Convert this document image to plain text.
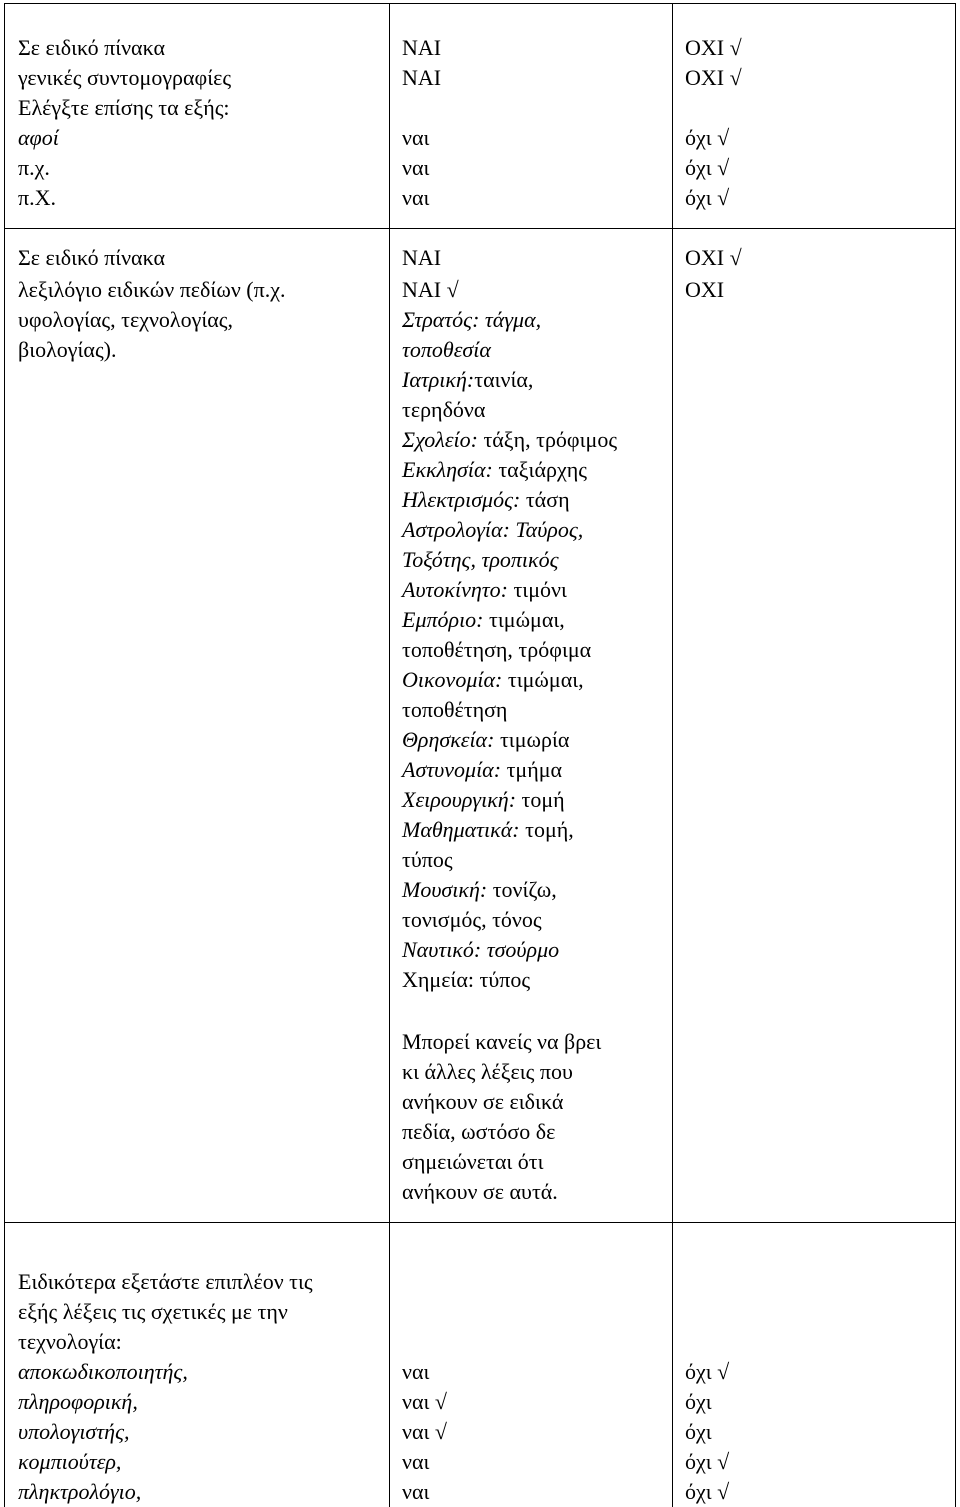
Σε ειδικό πίνακα
γενικές συντομογραφίες
Ελέγξτε επίσης τα εξής:
αφοί
π.χ.
π.Χ.
ΝΑΙ
ΝΑΙ
ναι
ναι
ναι
ΟΧΙ √
ΟΧΙ √
όχι √
όχι √
όχι √
Σε ειδικό πίνακα
λεξιλόγιο ειδικών πεδίων (π.χ.
υφολογίας, τεχνολογίας,
βιολογίας).
ΝΑΙ
ΝΑΙ √
ΟΧΙ √
ΟΧΙ
Στρατός: τάγμα,
τοποθεσία
Ιατρική:ταινία,
τερηδόνα
Σχολείο: τάξη, τρόφιμος
Εκκλησία: ταξιάρχης
Ηλεκτρισμός: τάση
Αστρολογία: Ταύρος,
Τοξότης, τροπικός
Αυτοκίνητο: τιμόνι
Εμπόριο: τιμώμαι,
τοποθέτηση, τρόφιμα
Οικονομία: τιμώμαι,
τοποθέτηση
Θρησκεία: τιμωρία
Αστυνομία: τμήμα
Χειρουργική: τομή
Μαθηματικά: τομή,
τύπος
Μουσική: τονίζω,
τονισμός, τόνος
Ναυτικό: τσούρμο
Χημεία: τύπος
Μπορεί κανείς να βρει
κι άλλες λέξεις που
ανήκουν σε ειδικά
πεδία, ωστόσο δε
σημειώνεται ότι
ανήκουν σε αυτά.
Ειδικότερα εξετάστε επιπλέον τις
εξής λέξεις τις σχετικές με την
τεχνολογία:
αποκωδικοποιητής,
πληροφορική,
υπολογιστής,
κομπιούτερ,
πληκτρολόγιο,
ναι
ναι √
ναι √
ναι
ναι
όχι √
όχι
όχι
όχι √
όχι √
